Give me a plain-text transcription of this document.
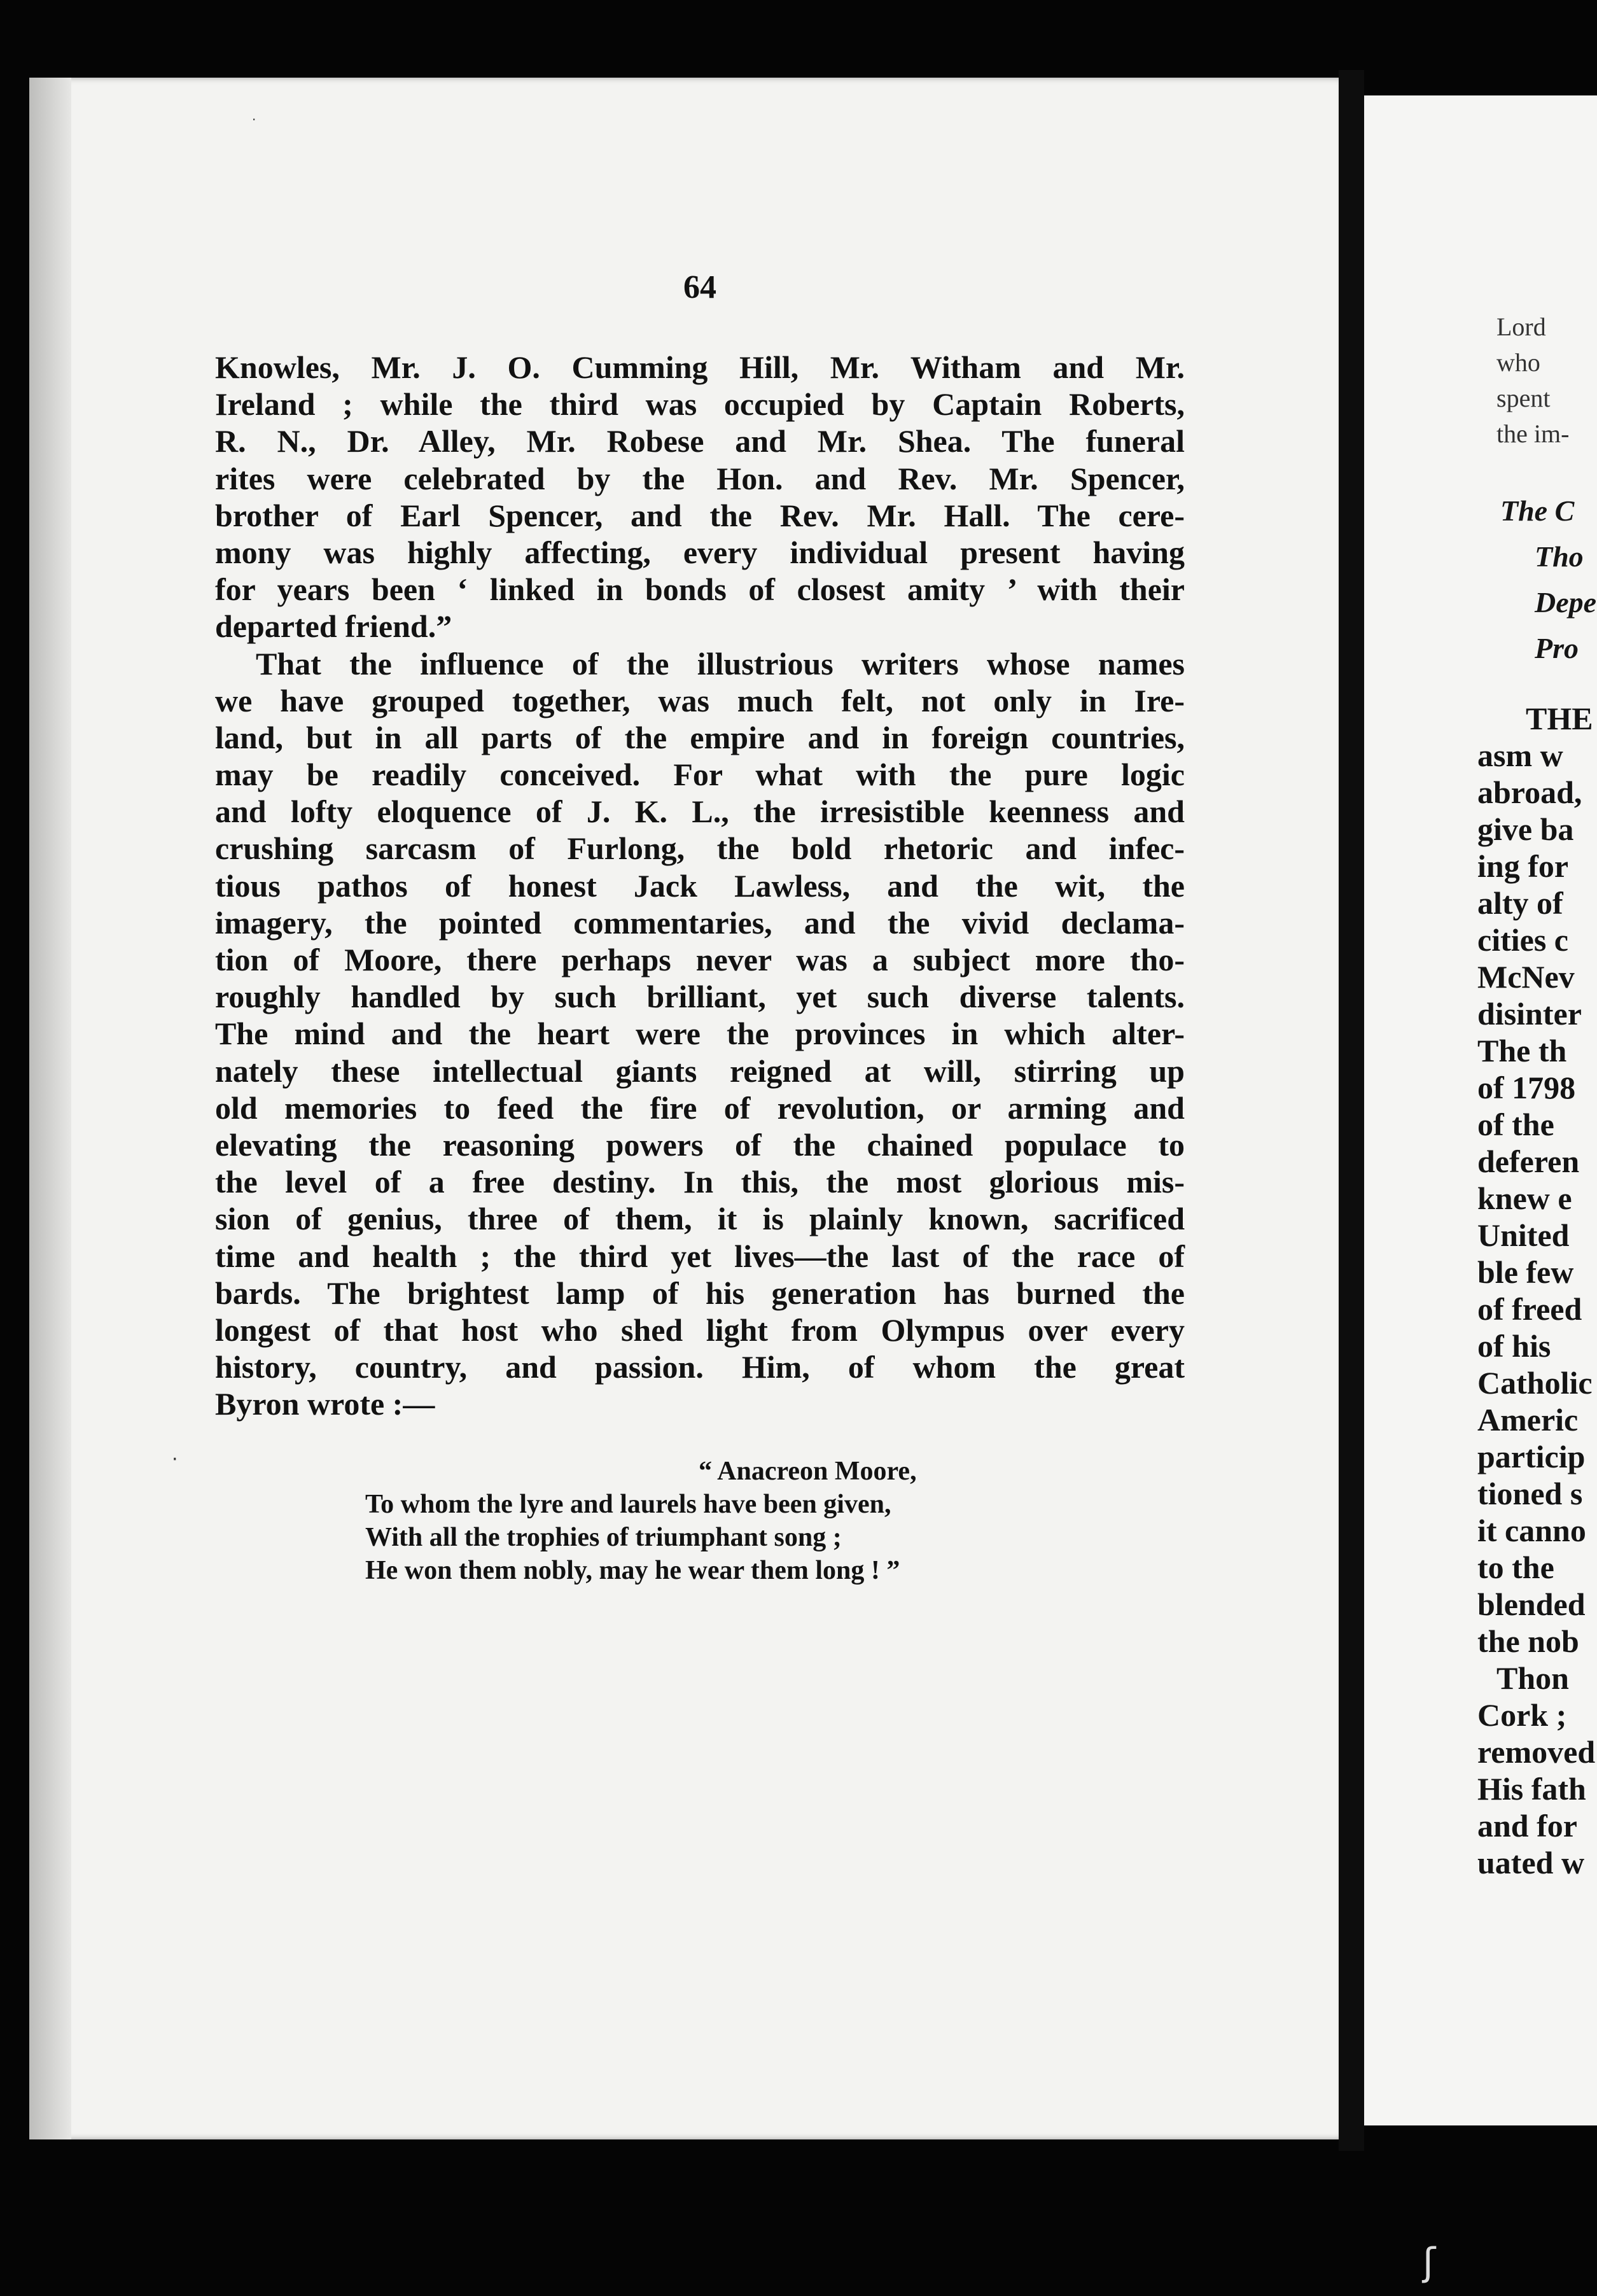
64
Knowles, Mr. J. O. Cumming Hill, Mr. Witham and Mr.
Ireland ; while the third was occupied by Captain Roberts,
R. N., Dr. Alley, Mr. Robese and Mr. Shea. The funeral
rites were celebrated by the Hon. and Rev. Mr. Spencer,
brother of Earl Spencer, and the Rev. Mr. Hall. The cere-
mony was highly affecting, every individual present having
for years been ‘ linked in bonds of closest amity ’ with their
departed friend.”
That the influence of the illustrious writers whose names
we have grouped together, was much felt, not only in Ire-
land, but in all parts of the empire and in foreign countries,
may be readily conceived. For what with the pure logic
and lofty eloquence of J. K. L., the irresistible keenness and
crushing sarcasm of Furlong, the bold rhetoric and infec-
tious pathos of honest Jack Lawless, and the wit, the
imagery, the pointed commentaries, and the vivid declama-
tion of Moore, there perhaps never was a subject more tho-
roughly handled by such brilliant, yet such diverse talents.
The mind and the heart were the provinces in which alter-
nately these intellectual giants reigned at will, stirring up
old memories to feed the fire of revolution, or arming and
elevating the reasoning powers of the chained populace to
the level of a free destiny. In this, the most glorious mis-
sion of genius, three of them, it is plainly known, sacrificed
time and health ; the third yet lives—the last of the race of
bards. The brightest lamp of his generation has burned the
longest of that host who shed light from Olympus over every
history, country, and passion. Him, of whom the great
Byron wrote :—
“ Anacreon Moore,
To whom the lyre and laurels have been given,
With all the trophies of triumphant song ;
He won them nobly, may he wear them long ! ”
Lord
who
spent
the im-
The C
Tho
Depe
Pro
THE
asm w
abroad,
give ba
ing for
alty of
cities c
McNev
disinter
The th
of 1798
of the
deferen
knew e
United
ble few
of freed
of his
Catholic
Americ
particip
tioned s
it canno
to the
blended
the nob
Thon
Cork ;
removed
His fath
and for
uated w
·
·
ʃ
